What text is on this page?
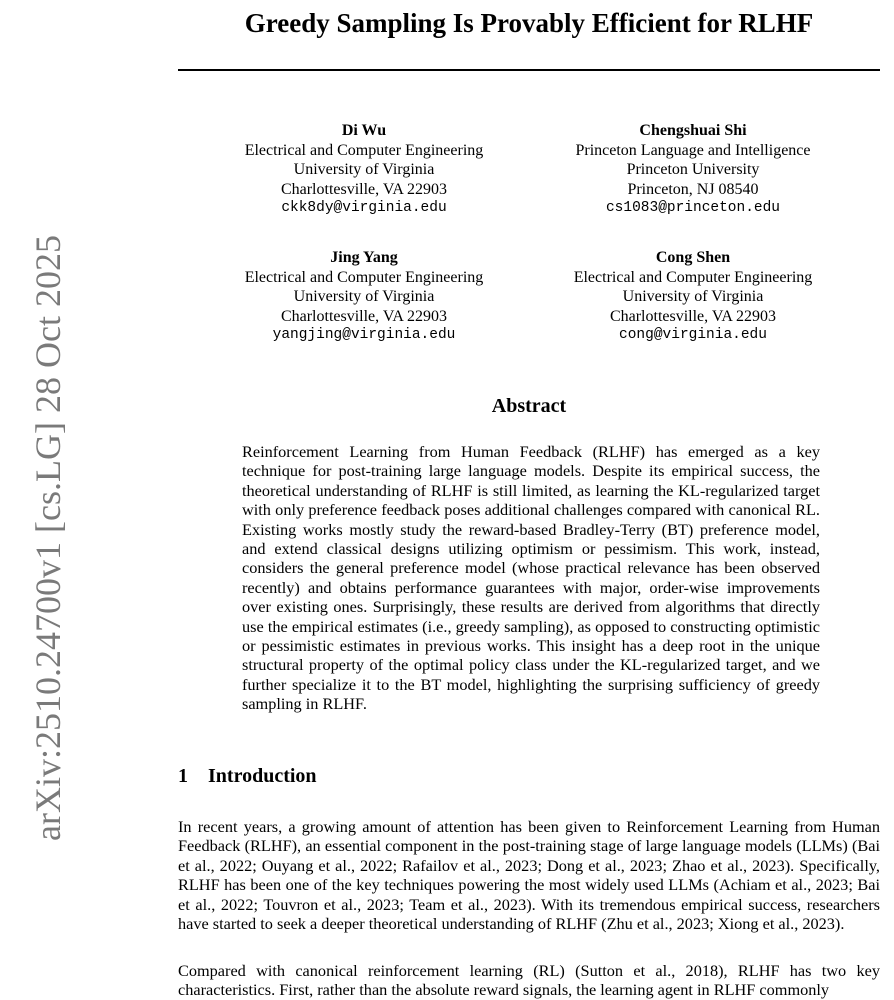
arXiv:2510.24700v1 [cs.LG] 28 Oct 2025
Greedy Sampling Is Provably Efficient for RLHF
Di Wu
Electrical and Computer Engineering
University of Virginia
Charlottesville, VA 22903
ckk8dy@virginia.edu
Chengshuai Shi
Princeton Language and Intelligence
Princeton University
Princeton, NJ 08540
cs1083@princeton.edu
Jing Yang
Electrical and Computer Engineering
University of Virginia
Charlottesville, VA 22903
yangjing@virginia.edu
Cong Shen
Electrical and Computer Engineering
University of Virginia
Charlottesville, VA 22903
cong@virginia.edu
Abstract
Reinforcement Learning from Human Feedback (RLHF) has emerged as a key technique for post-training large language models. Despite its empirical success, the theoretical understanding of RLHF is still limited, as learning the KL-regularized target with only preference feedback poses additional challenges compared with canonical RL. Existing works mostly study the reward-based Bradley-Terry (BT) preference model, and extend classical designs utilizing optimism or pessimism. This work, instead, considers the general preference model (whose practical relevance has been observed recently) and obtains performance guarantees with major, order-wise improvements over existing ones. Surprisingly, these results are derived from algorithms that directly use the empirical estimates (i.e., greedy sampling), as opposed to constructing optimistic or pessimistic estimates in previous works. This insight has a deep root in the unique structural property of the optimal policy class under the KL-regularized target, and we further specialize it to the BT model, highlighting the surprising sufficiency of greedy sampling in RLHF.
1 Introduction
In recent years, a growing amount of attention has been given to Reinforcement Learning from Human Feedback (RLHF), an essential component in the post-training stage of large language models (LLMs) (Bai et al., 2022; Ouyang et al., 2022; Rafailov et al., 2023; Dong et al., 2023; Zhao et al., 2023). Specifically, RLHF has been one of the key techniques powering the most widely used LLMs (Achiam et al., 2023; Bai et al., 2022; Touvron et al., 2023; Team et al., 2023). With its tremendous empirical success, researchers have started to seek a deeper theoretical understanding of RLHF (Zhu et al., 2023; Xiong et al., 2023).
Compared with canonical reinforcement learning (RL) (Sutton et al., 2018), RLHF has two key characteristics. First, rather than the absolute reward signals, the learning agent in RLHF commonly
